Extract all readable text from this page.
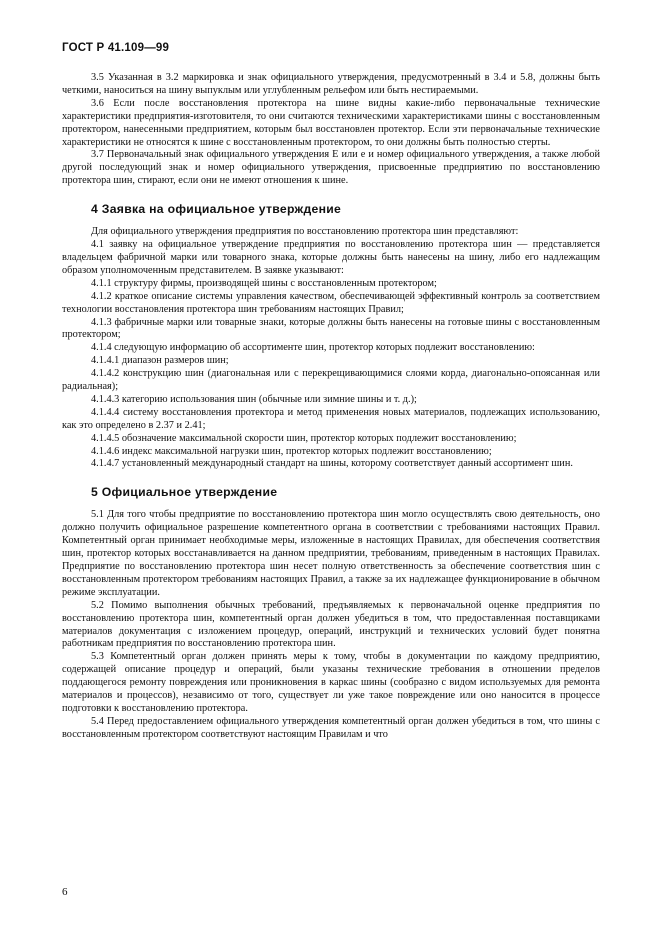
ГОСТ Р 41.109—99

3.5 Указанная в 3.2 маркировка и знак официального утверждения, предусмотренный в 3.4 и 5.8, должны быть четкими, наноситься на шину выпуклым или углубленным рельефом или быть нестираемыми.

3.6 Если после восстановления протектора на шине видны какие-либо первоначальные технические характеристики предприятия-изготовителя, то они считаются техническими характеристиками шины с восстановленным протектором, нанесенными предприятием, которым был восстановлен протектор. Если эти первоначальные технические характеристики не относятся к шине с восстановленным протектором, то они должны быть полностью стерты.

3.7 Первоначальный знак официального утверждения Е или е и номер официального утверждения, а также любой другой последующий знак и номер официального утверждения, присвоенные предприятию по восстановлению протектора шин, стирают, если они не имеют отношения к шине.

4 Заявка на официальное утверждение

Для официального утверждения предприятия по восстановлению протектора шин представляют:

4.1 заявку на официальное утверждение предприятия по восстановлению протектора шин — представляется владельцем фабричной марки или товарного знака, которые должны быть нанесены на шину, либо его надлежащим образом уполномоченным представителем. В заявке указывают:

4.1.1 структуру фирмы, производящей шины с восстановленным протектором;

4.1.2 краткое описание системы управления качеством, обеспечивающей эффективный контроль за соответствием технологии восстановления протектора шин требованиям настоящих Правил;

4.1.3 фабричные марки или товарные знаки, которые должны быть нанесены на готовые шины с восстановленным протектором;

4.1.4 следующую информацию об ассортименте шин, протектор которых подлежит восстановлению:

4.1.4.1 диапазон размеров шин;

4.1.4.2 конструкцию шин (диагональная или с перекрещивающимися слоями корда, диагонально-опоясанная или радиальная);

4.1.4.3 категорию использования шин (обычные или зимние шины и т. д.);

4.1.4.4 систему восстановления протектора и метод применения новых материалов, подлежащих использованию, как это определено в 2.37 и 2.41;

4.1.4.5 обозначение максимальной скорости шин, протектор которых подлежит восстановлению;

4.1.4.6 индекс максимальной нагрузки шин, протектор которых подлежит восстановлению;

4.1.4.7 установленный международный стандарт на шины, которому соответствует данный ассортимент шин.

5 Официальное утверждение

5.1 Для того чтобы предприятие по восстановлению протектора шин могло осуществлять свою деятельность, оно должно получить официальное разрешение компетентного органа в соответствии с требованиями настоящих Правил. Компетентный орган принимает необходимые меры, изложенные в настоящих Правилах, для обеспечения соответствия шин, протектор которых восстанавливается на данном предприятии, требованиям, приведенным в настоящих Правилах. Предприятие по восстановлению протектора шин несет полную ответственность за обеспечение соответствия шин с восстановленным протектором требованиям настоящих Правил, а также за их надлежащее функционирование в обычном режиме эксплуатации.

5.2 Помимо выполнения обычных требований, предъявляемых к первоначальной оценке предприятия по восстановлению протектора шин, компетентный орган должен убедиться в том, что предоставленная поставщиками материалов документация с изложением процедур, операций, инструкций и технических условий будет понятна работникам предприятия по восстановлению протектора шин.

5.3 Компетентный орган должен принять меры к тому, чтобы в документации по каждому предприятию, содержащей описание процедур и операций, были указаны технические требования в отношении пределов поддающегося ремонту повреждения или проникновения в каркас шины (сообразно с видом используемых для ремонта материалов и процессов), независимо от того, существует ли уже такое повреждение или оно наносится в процессе подготовки к восстановлению протектора.

5.4 Перед предоставлением официального утверждения компетентный орган должен убедиться в том, что шины с восстановленным протектором соответствуют настоящим Правилам и что

6
